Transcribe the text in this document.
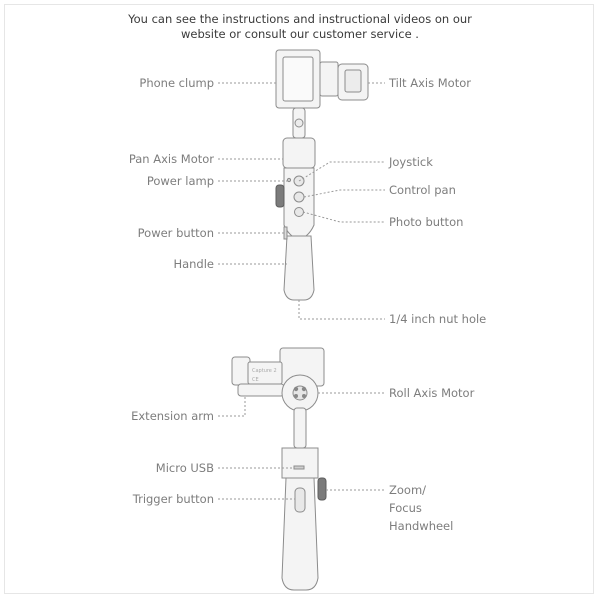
You can see the instructions and instructional videos on our
website or consult our customer service .
Capture 2
CE
Phone clump	Tilt Axis Motor
Pan Axis Motor	Joystick
Power lamp
Control pan
Photo button
Power button
Handle
1/4 inch nut hole
Roll Axis Motor
Extension arm
Micro USB
Trigger button
Zoom/
Focus
Handwheel
